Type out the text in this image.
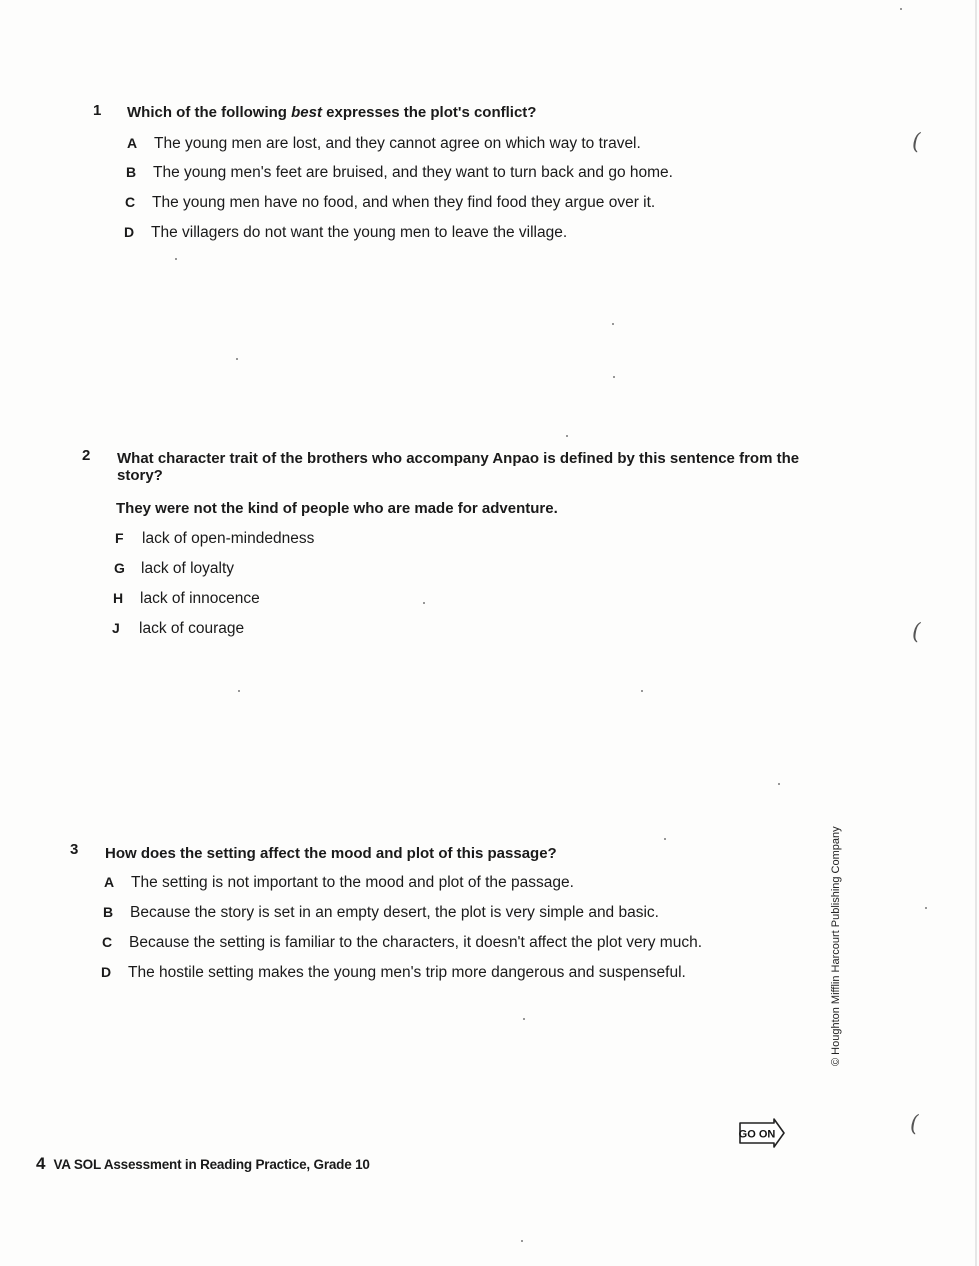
1 Which of the following best expresses the plot's conflict?
A The young men are lost, and they cannot agree on which way to travel.
B The young men's feet are bruised, and they want to turn back and go home.
C The young men have no food, and when they find food they argue over it.
D The villagers do not want the young men to leave the village.
2 What character trait of the brothers who accompany Anpao is defined by this sentence from the story?
They were not the kind of people who are made for adventure.
F lack of open-mindedness
G lack of loyalty
H lack of innocence
J lack of courage
3 How does the setting affect the mood and plot of this passage?
A The setting is not important to the mood and plot of the passage.
B Because the story is set in an empty desert, the plot is very simple and basic.
C Because the setting is familiar to the characters, it doesn't affect the plot very much.
D The hostile setting makes the young men's trip more dangerous and suspenseful.	© Houghton Mifflin Harcourt Publishing Company
GO ON
4 VA SOL Assessment in Reading Practice, Grade 10
(
(
(
